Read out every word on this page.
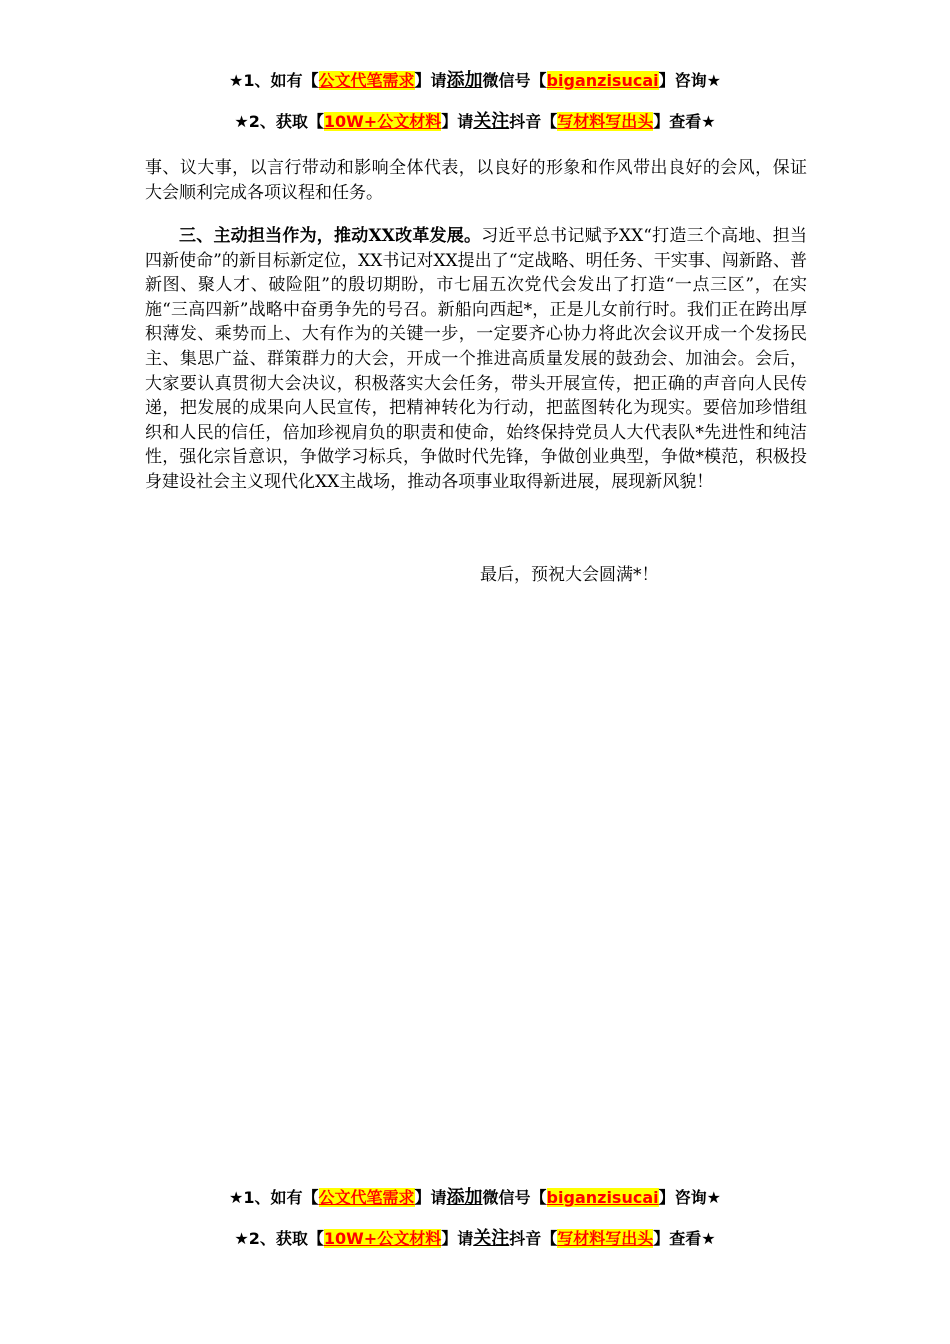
★1、如有【公文代笔需求】请添加微信号【biganzisucai】咨询★
★2、获取【10W+公文材料】请关注抖音【写材料写出头】查看★

事、议大事，以言行带动和影响全体代表，以良好的形象和作风带出良好的会风，保证大会顺利完成各项议程和任务。

三、主动担当作为，推动XX改革发展。习近平总书记赋予XX“打造三个高地、担当四新使命”的新目标新定位，XX书记对XX提出了“定战略、明任务、干实事、闯新路、普新图、聚人才、破险阻”的殷切期盼，市七届五次党代会发出了打造“一点三区”，在实施“三高四新”战略中奋勇争先的号召。新船向西起*，正是儿女前行时。我们正在跨出厚积薄发、乘势而上、大有作为的关键一步，一定要齐心协力将此次会议开成一个发扬民主、集思广益、群策群力的大会，开成一个推进高质量发展的鼓劲会、加油会。会后，大家要认真贯彻大会决议，积极落实大会任务，带头开展宣传，把正确的声音向人民传递，把发展的成果向人民宣传，把精神转化为行动，把蓝图转化为现实。要倍加珍惜组织和人民的信任，倍加珍视肩负的职责和使命，始终保持党员人大代表队*先进性和纯洁性，强化宗旨意识，争做学习标兵，争做时代先锋，争做创业典型，争做*模范，积极投身建设社会主义现代化XX主战场，推动各项事业取得新进展，展现新风貌！

最后，预祝大会圆满*！
★1、如有【公文代笔需求】请添加微信号【biganzisucai】咨询★
★2、获取【10W+公文材料】请关注抖音【写材料写出头】查看★
